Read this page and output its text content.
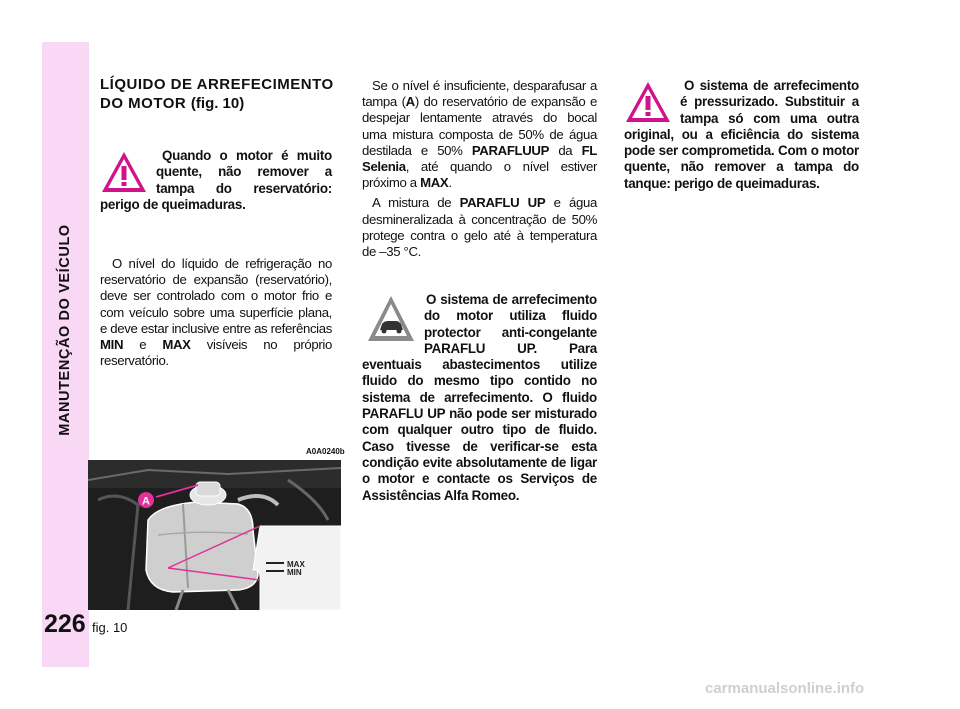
MANUTENÇÃO DO VEÍCULO
226
LÍQUIDO DE ARREFECIMENTO
DO MOTOR (fig. 10)

Quando o motor é muito quente, não remover a tampa do reservatório: perigo de queimaduras.

O nível do líquido de refrigeração no reservatório de expansão (reservatório), deve ser controlado com o motor frio e com veículo sobre uma superfície plana, e deve estar inclusive entre as referências MIN e MAX visíveis no próprio reservatório.

A0A0240b
A
MAX
MIN
fig. 10

Se o nível é insuficiente, desparafusar a tampa (A) do reservatório de expansão e despejar lentamente através do bocal uma mistura composta de 50% de água destilada e 50% PARAFLUUP da FL Selenia, até quando o nível estiver próximo a MAX.

A mistura de PARAFLU UP e água desmineralizada à concentração de 50% protege contra o gelo até à temperatura de –35 °C.

O sistema de arrefecimento do motor utiliza fluido protector anti-congelante PARAFLU UP. Para eventuais abastecimentos utilize fluido do mesmo tipo contido no sistema de arrefecimento. O fluido PARAFLU UP não pode ser misturado com qualquer outro tipo de fluido. Caso tivesse de verificar-se esta condição evite absolutamente de ligar o motor e contacte os Serviços de Assistências Alfa Romeo.

O sistema de arrefecimento é pressurizado. Substituir a tampa só com uma outra original, ou a eficiência do sistema pode ser comprometida. Com o motor quente, não remover a tampa do tanque: perigo de queimaduras.

carmanualsonline.info
